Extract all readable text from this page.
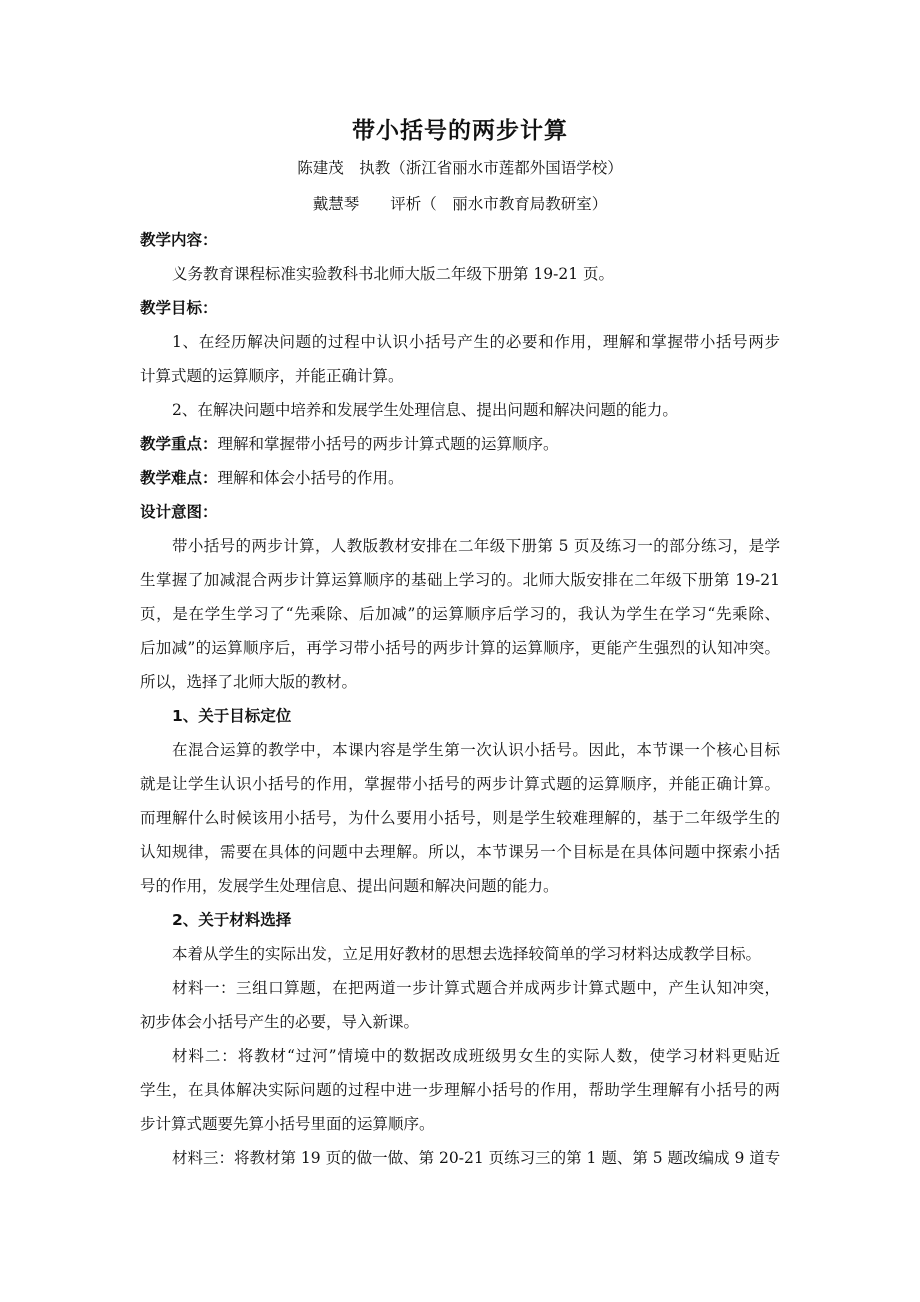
带小括号的两步计算
陈建茂　执教（浙江省丽水市莲都外国语学校）
戴慧琴　　评析（　丽水市教育局教研室）
教学内容：
义务教育课程标准实验教科书北师大版二年级下册第 19-21 页。
教学目标：
1、在经历解决问题的过程中认识小括号产生的必要和作用，理解和掌握带小括号两步
计算式题的运算顺序，并能正确计算。
2、在解决问题中培养和发展学生处理信息、提出问题和解决问题的能力。
教学重点：理解和掌握带小括号的两步计算式题的运算顺序。
教学难点：理解和体会小括号的作用。
设计意图：
带小括号的两步计算，人教版教材安排在二年级下册第 5 页及练习一的部分练习，是学
生掌握了加减混合两步计算运算顺序的基础上学习的。北师大版安排在二年级下册第 19-21
页，是在学生学习了“先乘除、后加减”的运算顺序后学习的，我认为学生在学习“先乘除、
后加减”的运算顺序后，再学习带小括号的两步计算的运算顺序，更能产生强烈的认知冲突。
所以，选择了北师大版的教材。
1、关于目标定位
在混合运算的教学中，本课内容是学生第一次认识小括号。因此，本节课一个核心目标
就是让学生认识小括号的作用，掌握带小括号的两步计算式题的运算顺序，并能正确计算。
而理解什么时候该用小括号，为什么要用小括号，则是学生较难理解的，基于二年级学生的
认知规律，需要在具体的问题中去理解。所以，本节课另一个目标是在具体问题中探索小括
号的作用，发展学生处理信息、提出问题和解决问题的能力。
2、关于材料选择
本着从学生的实际出发，立足用好教材的思想去选择较简单的学习材料达成教学目标。
材料一：三组口算题，在把两道一步计算式题合并成两步计算式题中，产生认知冲突，
初步体会小括号产生的必要，导入新课。
材料二：将教材“过河”情境中的数据改成班级男女生的实际人数，使学习材料更贴近
学生，在具体解决实际问题的过程中进一步理解小括号的作用，帮助学生理解有小括号的两
步计算式题要先算小括号里面的运算顺序。
材料三：将教材第 19 页的做一做、第 20-21 页练习三的第 1 题、第 5 题改编成 9 道专
